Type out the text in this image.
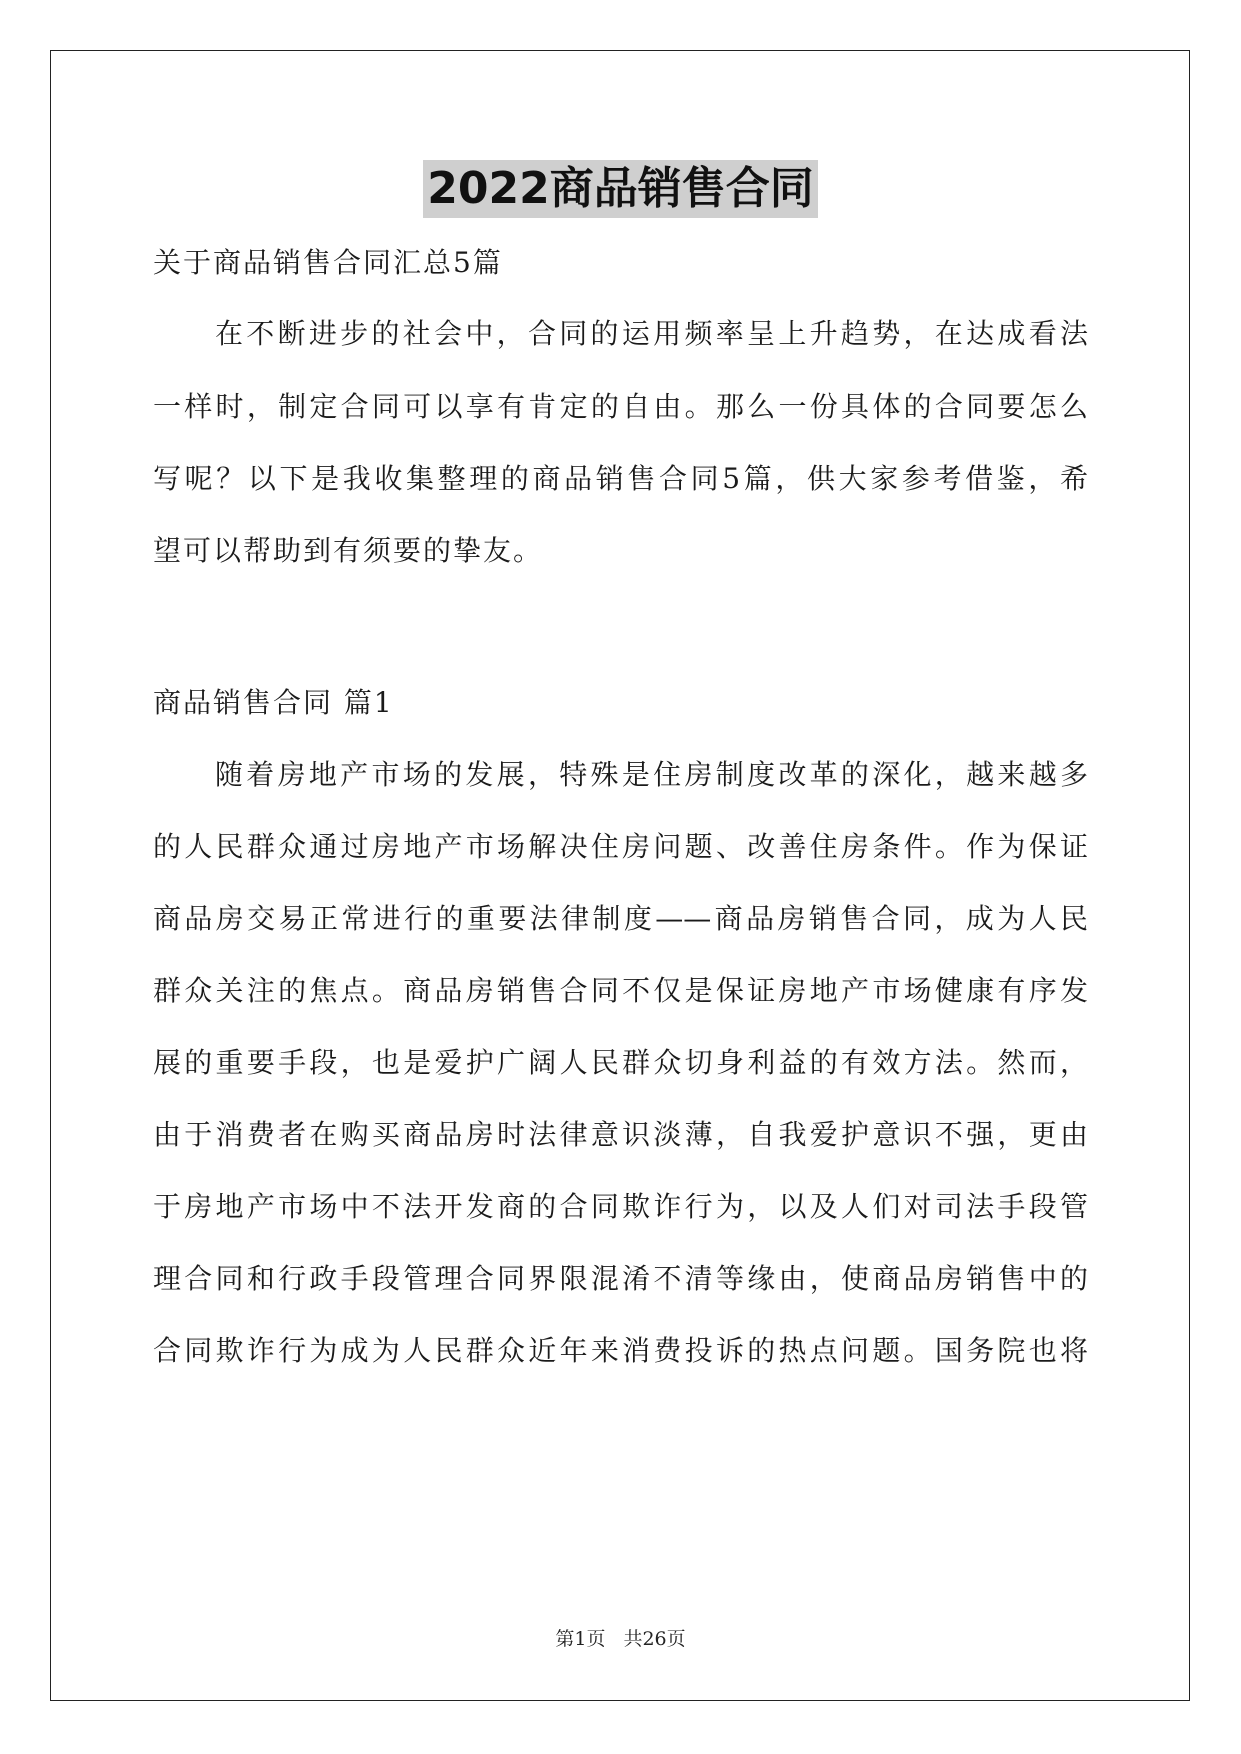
2022商品销售合同
关于商品销售合同汇总5篇
在不断进步的社会中，合同的运用频率呈上升趋势，在达成看法
一样时，制定合同可以享有肯定的自由。那么一份具体的合同要怎么
写呢？以下是我收集整理的商品销售合同5篇，供大家参考借鉴，希
望可以帮助到有须要的挚友。
商品销售合同 篇1
随着房地产市场的发展，特殊是住房制度改革的深化，越来越多
的人民群众通过房地产市场解决住房问题、改善住房条件。作为保证
商品房交易正常进行的重要法律制度——商品房销售合同，成为人民
群众关注的焦点。商品房销售合同不仅是保证房地产市场健康有序发
展的重要手段，也是爱护广阔人民群众切身利益的有效方法。然而，
由于消费者在购买商品房时法律意识淡薄，自我爱护意识不强，更由
于房地产市场中不法开发商的合同欺诈行为，以及人们对司法手段管
理合同和行政手段管理合同界限混淆不清等缘由，使商品房销售中的
合同欺诈行为成为人民群众近年来消费投诉的热点问题。国务院也将
第1页 共26页
